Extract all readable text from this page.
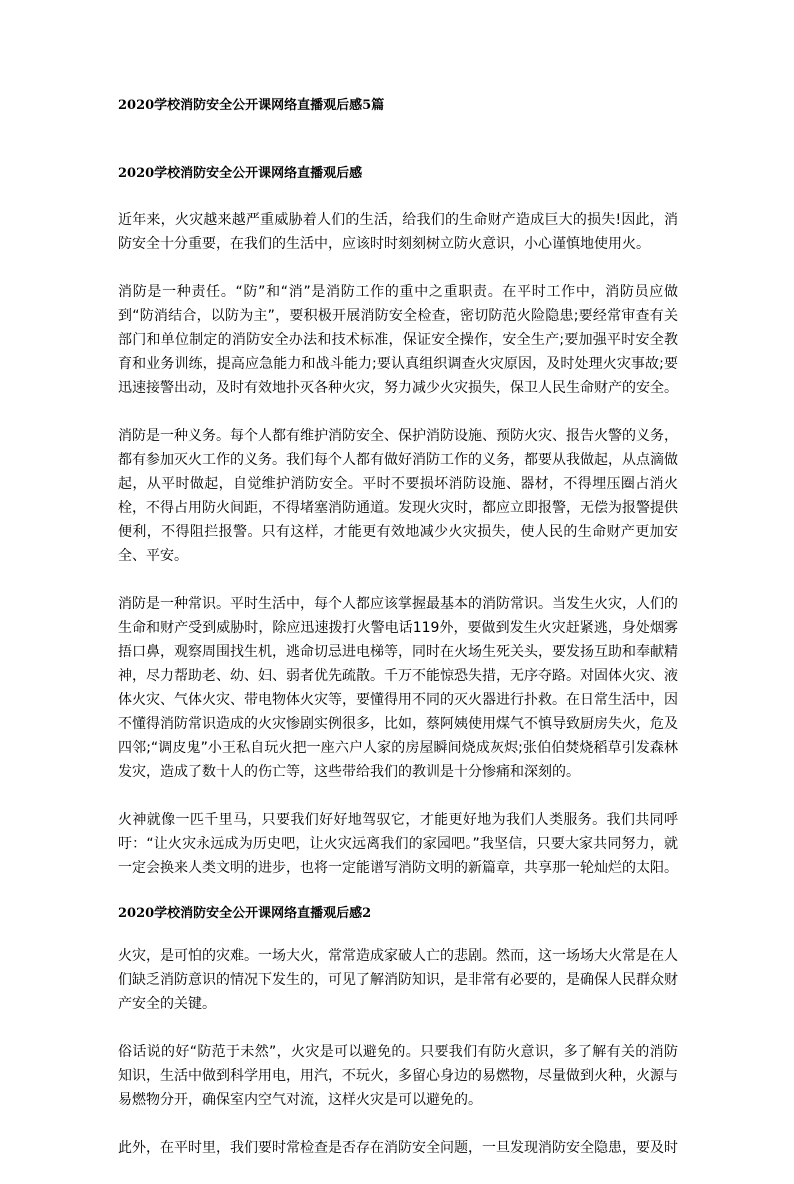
2020学校消防安全公开课网络直播观后感5篇
2020学校消防安全公开课网络直播观后感

近年来，火灾越来越严重威胁着人们的生活，给我们的生命财产造成巨大的损失!因此，消防安全十分重要，在我们的生活中，应该时时刻刻树立防火意识，小心谨慎地使用火。

消防是一种责任。“防”和“消”是消防工作的重中之重职责。在平时工作中，消防员应做到“防消结合，以防为主”，要积极开展消防安全检查，密切防范火险隐患;要经常审查有关部门和单位制定的消防安全办法和技术标准，保证安全操作，安全生产;要加强平时安全教育和业务训练，提高应急能力和战斗能力;要认真组织调查火灾原因，及时处理火灾事故;要迅速接警出动，及时有效地扑灭各种火灾，努力减少火灾损失，保卫人民生命财产的安全。

消防是一种义务。每个人都有维护消防安全、保护消防设施、预防火灾、报告火警的义务，都有参加灭火工作的义务。我们每个人都有做好消防工作的义务，都要从我做起，从点滴做起，从平时做起，自觉维护消防安全。平时不要损坏消防设施、器材，不得埋压圈占消火栓，不得占用防火间距，不得堵塞消防通道。发现火灾时，都应立即报警，无偿为报警提供便利，不得阻拦报警。只有这样，才能更有效地减少火灾损失，使人民的生命财产更加安全、平安。

消防是一种常识。平时生活中，每个人都应该掌握最基本的消防常识。当发生火灾，人们的生命和财产受到威胁时，除应迅速拨打火警电话119外，要做到发生火灾赶紧逃，身处烟雾捂口鼻，观察周围找生机，逃命切忌进电梯等，同时在火场生死关头，要发扬互助和奉献精神，尽力帮助老、幼、妇、弱者优先疏散。千万不能惊恐失措，无序夺路。对固体火灾、液体火灾、气体火灾、带电物体火灾等，要懂得用不同的灭火器进行扑救。在日常生活中，因不懂得消防常识造成的火灾惨剧实例很多，比如，蔡阿姨使用煤气不慎导致厨房失火，危及四邻;“调皮鬼”小王私自玩火把一座六户人家的房屋瞬间烧成灰烬;张伯伯焚烧稻草引发森林发灾，造成了数十人的伤亡等，这些带给我们的教训是十分惨痛和深刻的。

火神就像一匹千里马，只要我们好好地驾驭它，才能更好地为我们人类服务。我们共同呼吁：“让火灾永远成为历史吧，让火灾远离我们的家园吧。”我坚信，只要大家共同努力，就一定会换来人类文明的进步，也将一定能谱写消防文明的新篇章，共享那一轮灿烂的太阳。

2020学校消防安全公开课网络直播观后感2

火灾，是可怕的灾难。一场大火，常常造成家破人亡的悲剧。然而，这一场场大火常是在人们缺乏消防意识的情况下发生的，可见了解消防知识，是非常有必要的，是确保人民群众财产安全的关键。

俗话说的好“防范于未然”，火灾是可以避免的。只要我们有防火意识，多了解有关的消防知识，生活中做到科学用电，用汽，不玩火，多留心身边的易燃物，尽量做到火种，火源与易燃物分开，确保室内空气对流，这样火灾是可以避免的。

此外，在平时里，我们要时常检查是否存在消防安全问题，一旦发现消防安全隐患，要及时
